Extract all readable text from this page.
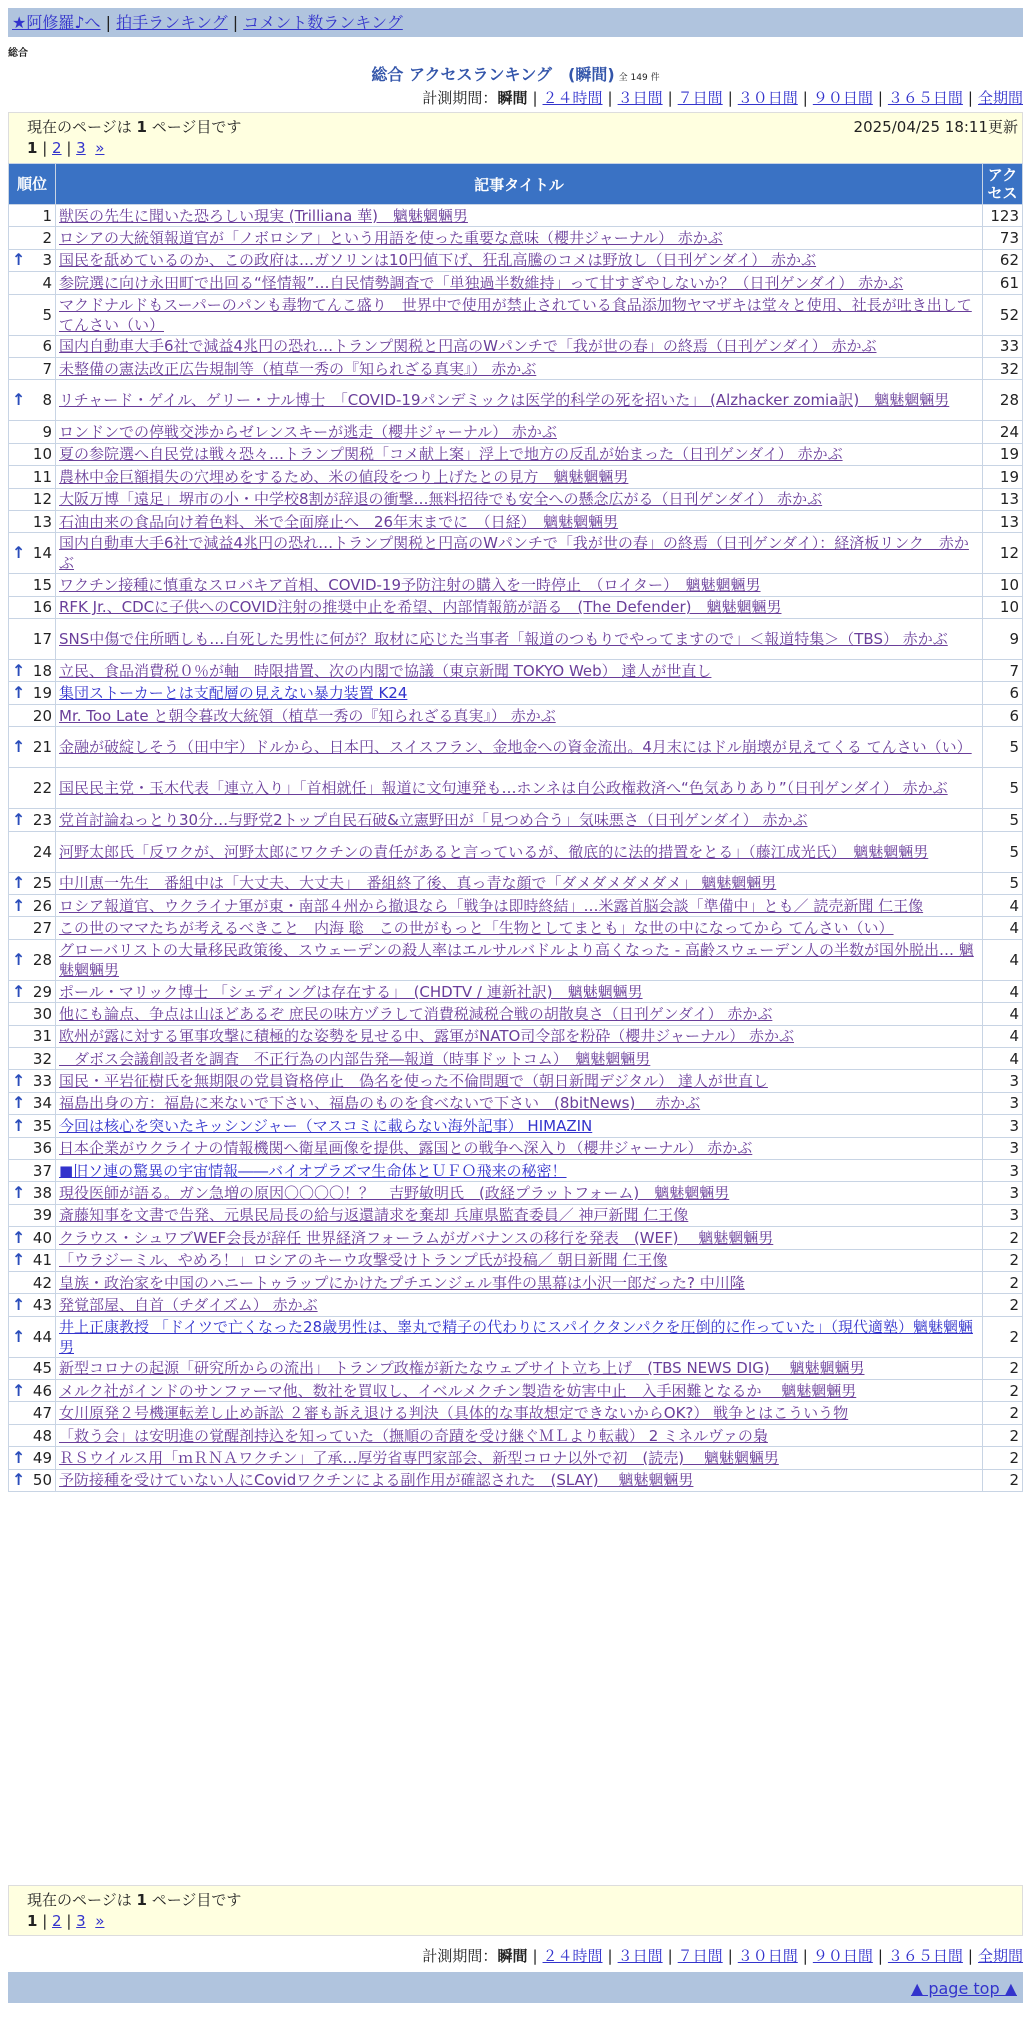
★阿修羅♪へ | 拍手ランキング | コメント数ランキング
総合
総合 アクセスランキング　(瞬間) 全 149 件
計測期間：瞬間 | ２４時間 | ３日間 | ７日間 | ３０日間 | ９０日間 | ３６５日間 | 全期間
現在のページは 1 ページ目です	2025/04/25 18:11更新
1 | 2 | 3 »
順位	記事タイトル	アクセス
1	獣医の先生に聞いた恐ろしい現実 (Trilliana 華)　魑魅魍魎男	123
2	ロシアの大統領報道官が「ノボロシア」という用語を使った重要な意味（櫻井ジャーナル） 赤かぶ	73

↑ 3	国民を舐めているのか、この政府は…ガソリンは10円値下げ、狂乱高騰のコメは野放し（日刊ゲンダイ） 赤かぶ	62
4	参院選に向け永田町で出回る“怪情報”…自民情勢調査で「単独過半数維持」って甘すぎやしないか？（日刊ゲンダイ） 赤かぶ	61
5	マクドナルドもスーパーのパンも毒物てんこ盛り　世界中で使用が禁止されている食品添加物ヤマザキは堂々と使用、社長が吐き出して てんさい（い）	52
6	国内自動車大手6社で減益4兆円の恐れ…トランプ関税と円高のWパンチで「我が世の春」の終焉（日刊ゲンダイ） 赤かぶ	33
7	未整備の憲法改正広告規制等（植草一秀の『知られざる真実』） 赤かぶ	32

↑ 8	リチャード・ゲイル、ゲリー・ナル博士　「COVID-19パンデミックは医学的科学の死を招いた」 (Alzhacker zomia訳)　魑魅魍魎男	28
9	ロンドンでの停戦交渉からゼレンスキーが逃走（櫻井ジャーナル） 赤かぶ	24
10	夏の参院選へ自民党は戦々恐々…トランプ関税「コメ献上案」浮上で地方の反乱が始まった（日刊ゲンダイ） 赤かぶ	19
11	農林中金巨額損失の穴埋めをするため、米の値段をつり上げたとの見方　魑魅魍魎男	19
12	大阪万博「遠足」堺市の小・中学校8割が辞退の衝撃…無料招待でも安全への懸念広がる（日刊ゲンダイ） 赤かぶ	13
13	石油由来の食品向け着色料、米で全面廃止へ　26年末までに　（日経）　魑魅魍魎男	13

↑ 14	国内自動車大手6社で減益4兆円の恐れ…トランプ関税と円高のWパンチで「我が世の春」の終焉（日刊ゲンダイ）：経済板リンク　赤かぶ	12
15	ワクチン接種に慎重なスロバキア首相、COVID-19予防注射の購入を一時停止　（ロイター）　魑魅魍魎男	10
16	RFK Jr.、CDCに子供へのCOVID注射の推奨中止を希望、内部情報筋が語る　(The Defender)　魑魅魍魎男	10
17	SNS中傷で住所晒しも…自死した男性に何が？取材に応じた当事者「報道のつもりでやってますので」＜報道特集＞（TBS） 赤かぶ	9

↑ 18	立民、食品消費税０％が軸　時限措置、次の内閣で協議（東京新聞 TOKYO Web） 達人が世直し	7

↑ 19	集団ストーカーとは支配層の見えない暴力装置 K24	6
20	Mr. Too Late と朝令暮改大統領（植草一秀の『知られざる真実』） 赤かぶ	6

↑ 21	金融が破綻しそう（田中宇）ドルから、日本円、スイスフラン、金地金への資金流出。4月末にはドル崩壊が見えてくる てんさい（い）	5
22	国民民主党・玉木代表「連立入り」「首相就任」報道に文句連発も…ホンネは自公政権救済へ“色気ありあり”（日刊ゲンダイ） 赤かぶ	5

↑ 23	党首討論ねっとり30分…与野党2トップ自民石破&立憲野田が「見つめ合う」気味悪さ（日刊ゲンダイ） 赤かぶ	5
24	河野太郎氏「反ワクが、河野太郎にワクチンの責任があると言っているが、徹底的に法的措置をとる」（藤江成光氏）　魑魅魍魎男	5

↑ 25	中川恵一先生　番組中は「大丈夫、大丈夫」　番組終了後、真っ青な顔で「ダメダメダメダメ」 魑魅魍魎男	5

↑ 26	ロシア報道官、ウクライナ軍が東・南部４州から撤退なら「戦争は即時終結」…米露首脳会談「準備中」とも／ 読売新聞 仁王像	4
27	この世のママたちが考えるべきこと　内海 聡　この世がもっと「生物としてまとも」な世の中になってから てんさい（い）	4

↑ 28	グローバリストの大量移民政策後、スウェーデンの殺人率はエルサルバドルより高くなった - 高齢スウェーデン人の半数が国外脱出… 魑魅魍魎男	4

↑ 29	ポール・マリック博士 「シェディングは存在する」　(CHDTV / 連新社訳)　魑魅魍魎男	4
30	他にも論点、争点は山ほどあるぞ 庶民の味方ヅラして消費税減税合戦の胡散臭さ（日刊ゲンダイ） 赤かぶ	4
31	欧州が露に対する軍事攻撃に積極的な姿勢を見せる中、露軍がNATO司令部を粉砕（櫻井ジャーナル） 赤かぶ	4
32	　ダボス会議創設者を調査　不正行為の内部告発―報道（時事ドットコム）　魑魅魍魎男	4

↑ 33	国民・平岩征樹氏を無期限の党員資格停止　偽名を使った不倫問題で（朝日新聞デジタル） 達人が世直し	3

↑ 34	福島出身の方：福島に来ないで下さい、福島のものを食べないで下さい　(8bitNews)　 赤かぶ	3

↑ 35	今回は核心を突いたキッシンジャー（マスコミに載らない海外記事） HIMAZIN	3
36	日本企業がウクライナの情報機関へ衛星画像を提供、露国との戦争へ深入り（櫻井ジャーナル） 赤かぶ	3
37	■旧ソ連の驚異の宇宙情報――バイオプラズマ生命体とＵＦＯ飛来の秘密！	3

↑ 38	現役医師が語る。ガン急増の原因〇〇〇〇！？　吉野敏明氏　(政経プラットフォーム)　魑魅魍魎男	3
39	斎藤知事を文書で告発、元県民局長の給与返還請求を棄却 兵庫県監査委員／ 神戸新聞 仁王像	3

↑ 40	クラウス・シュワブWEF会長が辞任 世界経済フォーラムがガバナンスの移行を発表　(WEF)　 魑魅魍魎男	2

↑ 41	「ウラジーミル、やめろ！」ロシアのキーウ攻撃受けトランプ氏が投稿／ 朝日新聞 仁王像	2
42	皇族・政治家を中国のハニートゥラップにかけたプチエンジェル事件の黒幕は小沢一郎だった? 中川隆	2

↑ 43	発覚部屋、自首（チダイズム） 赤かぶ	2

↑ 44	井上正康教授 「ドイツで亡くなった28歳男性は、睾丸で精子の代わりにスパイクタンパクを圧倒的に作っていた」（現代適塾）魑魅魍魎男	2
45	新型コロナの起源「研究所からの流出」 トランプ政権が新たなウェブサイト立ち上げ　(TBS NEWS DIG)　 魑魅魍魎男	2

↑ 46	メルク社がインドのサンファーマ他、数社を買収し、イベルメクチン製造を妨害中止　入手困難となるか　 魑魅魍魎男	2
47	女川原発２号機運転差し止め訴訟 ２審も訴え退ける判決（具体的な事故想定できないからOK?） 戦争とはこういう物	2
48	「救う会」は安明進の覚醒剤持込を知っていた（撫順の奇蹟を受け継ぐＭＬより転載） 2 ミネルヴァの梟	2

↑ 49	ＲＳウイルス用「ｍＲＮＡワクチン」了承…厚労省専門家部会、新型コロナ以外で初　(読売)　 魑魅魍魎男	2

↑ 50	予防接種を受けていない人にCovidワクチンによる副作用が確認された　(SLAY)　 魑魅魍魎男	2
現在のページは 1 ページ目です
1 | 2 | 3 »
計測期間：瞬間 | ２４時間 | ３日間 | ７日間 | ３０日間 | ９０日間 | ３６５日間 | 全期間
▲ page top ▲
